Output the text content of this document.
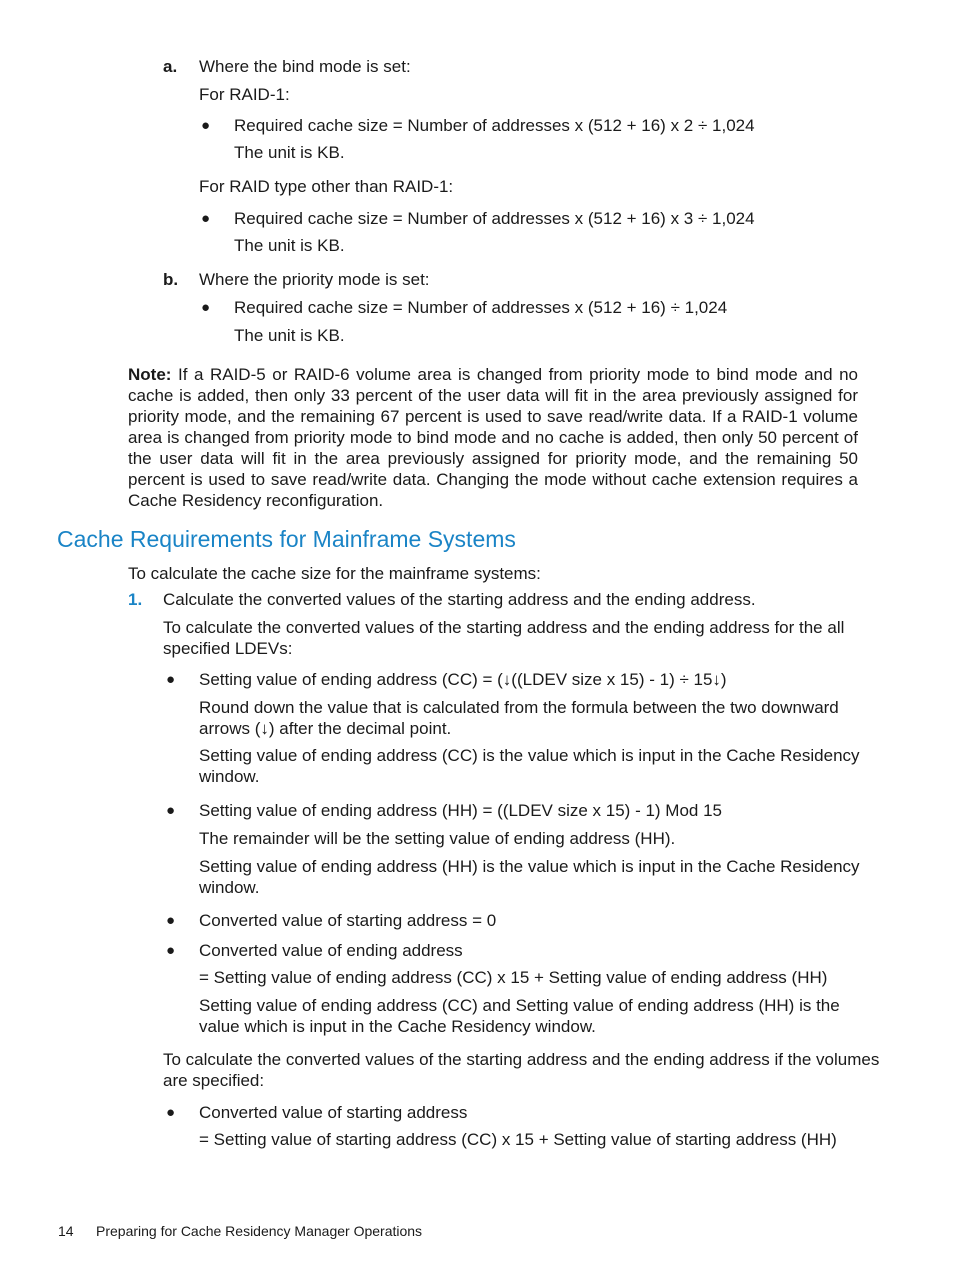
a. Where the bind mode is set:
For RAID-1:
● Required cache size = Number of addresses x (512 + 16) x 2 ÷ 1,024
The unit is KB.
For RAID type other than RAID-1:
● Required cache size = Number of addresses x (512 + 16) x 3 ÷ 1,024
The unit is KB.
b. Where the priority mode is set:
● Required cache size = Number of addresses x (512 + 16) ÷ 1,024
The unit is KB.
Note: If a RAID-5 or RAID-6 volume area is changed from priority mode to bind mode and no cache is added, then only 33 percent of the user data will fit in the area previously assigned for priority mode, and the remaining 67 percent is used to save read/write data. If a RAID-1 volume area is changed from priority mode to bind mode and no cache is added, then only 50 percent of the user data will fit in the area previously assigned for priority mode, and the remaining 50 percent is used to save read/write data. Changing the mode without cache extension requires a Cache Residency reconfiguration.
Cache Requirements for Mainframe Systems
To calculate the cache size for the mainframe systems:
1. Calculate the converted values of the starting address and the ending address.
To calculate the converted values of the starting address and the ending address for the all
specified LDEVs:
● Setting value of ending address (CC) = (↓((LDEV size x 15) - 1) ÷ 15↓)
Round down the value that is calculated from the formula between the two downward
arrows (↓) after the decimal point.
Setting value of ending address (CC) is the value which is input in the Cache Residency
window.
● Setting value of ending address (HH) = ((LDEV size x 15) - 1) Mod 15
The remainder will be the setting value of ending address (HH).
Setting value of ending address (HH) is the value which is input in the Cache Residency
window.
● Converted value of starting address = 0
● Converted value of ending address
= Setting value of ending address (CC) x 15 + Setting value of ending address (HH)
Setting value of ending address (CC) and Setting value of ending address (HH) is the
value which is input in the Cache Residency window.
To calculate the converted values of the starting address and the ending address if the volumes
are specified:
● Converted value of starting address
= Setting value of starting address (CC) x 15 + Setting value of starting address (HH)
14 Preparing for Cache Residency Manager Operations
